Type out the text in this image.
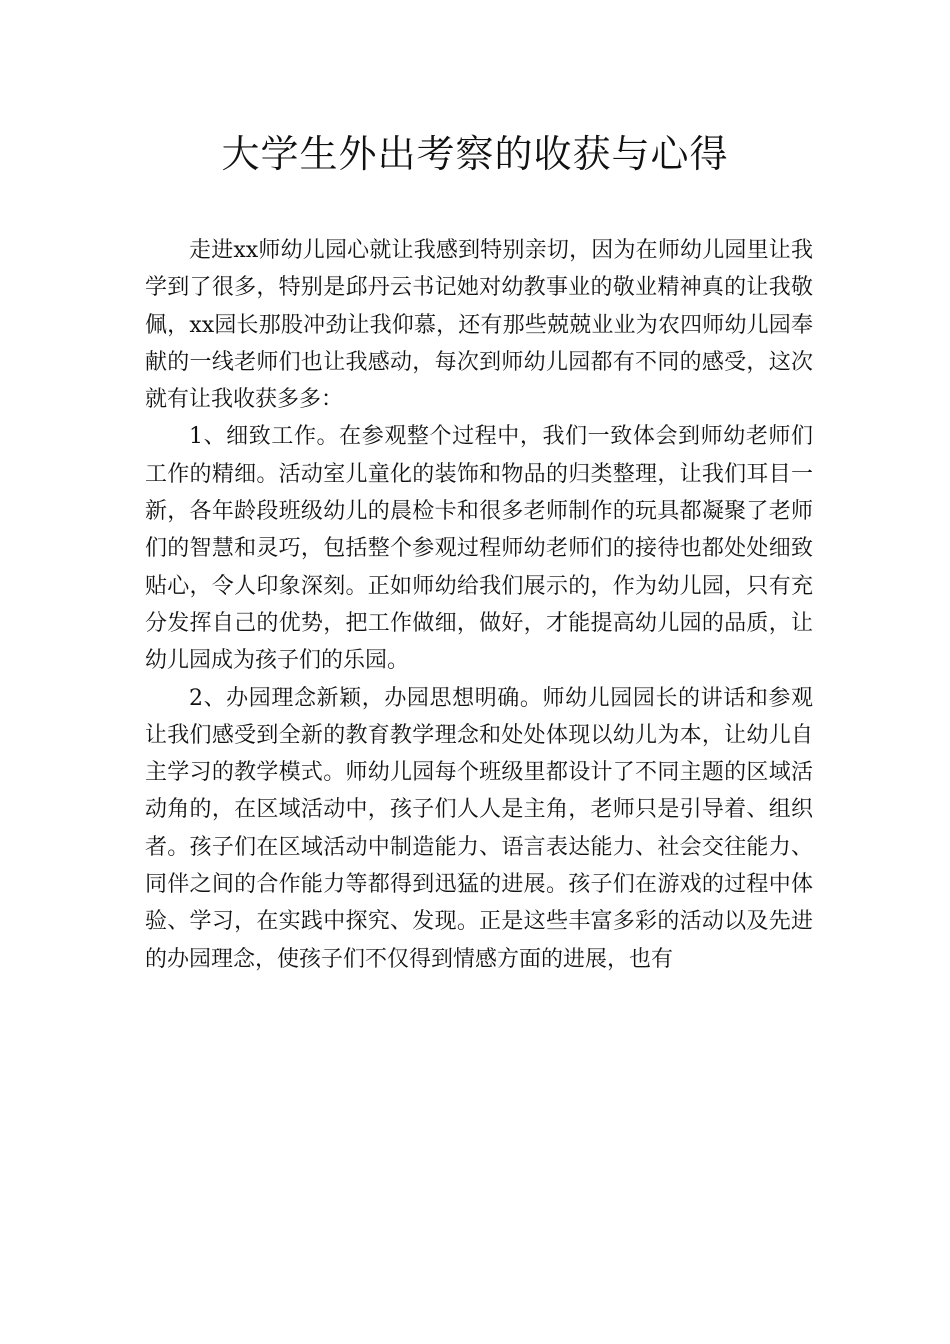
大学生外出考察的收获与心得

走进xx师幼儿园心就让我感到特别亲切，因为在师幼儿园里让我学到了很多，特别是邱丹云书记她对幼教事业的敬业精神真的让我敬佩，xx园长那股冲劲让我仰慕，还有那些兢兢业业为农四师幼儿园奉献的一线老师们也让我感动，每次到师幼儿园都有不同的感受，这次就有让我收获多多：

1、细致工作。在参观整个过程中，我们一致体会到师幼老师们工作的精细。活动室儿童化的装饰和物品的归类整理，让我们耳目一新，各年龄段班级幼儿的晨检卡和很多老师制作的玩具都凝聚了老师们的智慧和灵巧，包括整个参观过程师幼老师们的接待也都处处细致贴心，令人印象深刻。正如师幼给我们展示的，作为幼儿园，只有充分发挥自己的优势，把工作做细，做好，才能提高幼儿园的品质，让幼儿园成为孩子们的乐园。

2、办园理念新颖，办园思想明确。师幼儿园园长的讲话和参观让我们感受到全新的教育教学理念和处处体现以幼儿为本，让幼儿自主学习的教学模式。师幼儿园每个班级里都设计了不同主题的区域活动角的，在区域活动中，孩子们人人是主角，老师只是引导着、组织者。孩子们在区域活动中制造能力、语言表达能力、社会交往能力、同伴之间的合作能力等都得到迅猛的进展。孩子们在游戏的过程中体验、学习，在实践中探究、发现。正是这些丰富多彩的活动以及先进的办园理念，使孩子们不仅得到情感方面的进展，也有
